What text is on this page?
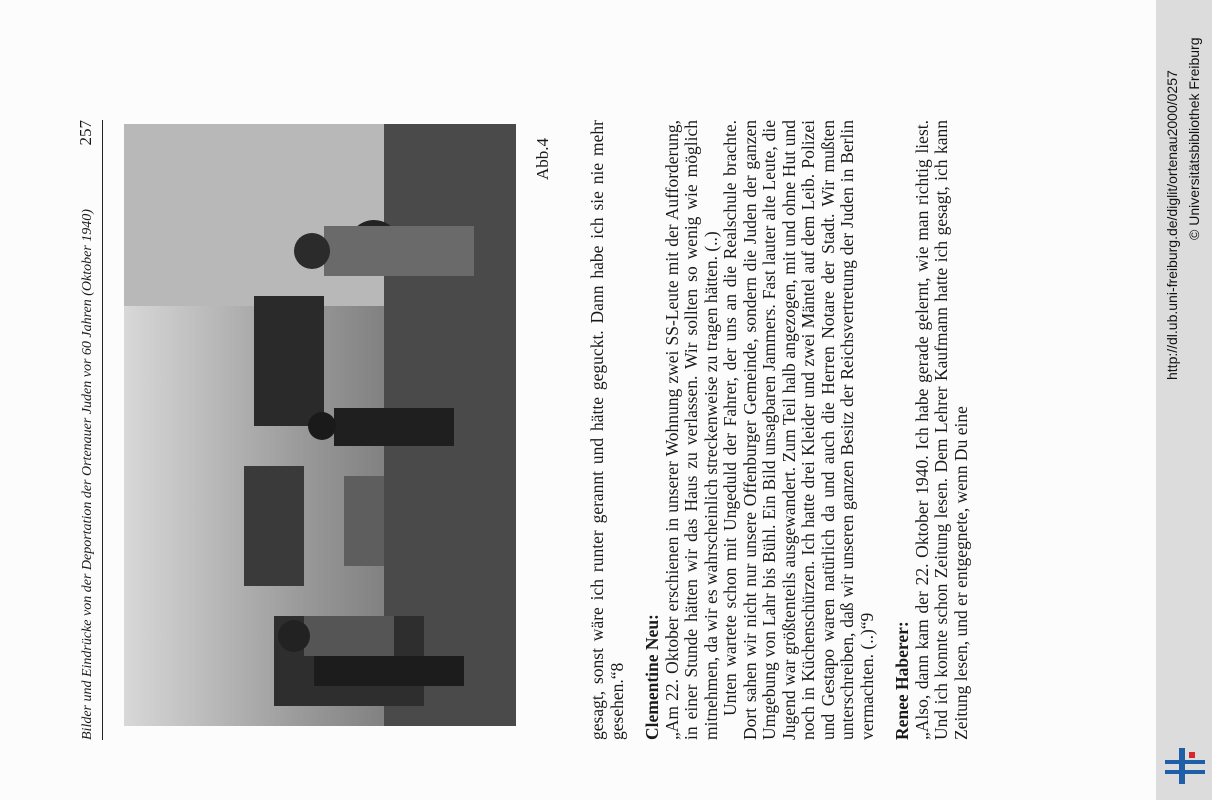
Bilder und Eindrücke von der Deportation der Ortenauer Juden vor 60 Jahren (Oktober 1940)
257
Abb.4 gesagt, sonst wäre ich runter gerannt und hätte geguckt. Dann habe ich sie nie mehr gesehen.“8 Clementine Neu: „Am 22. Oktober erschienen in unserer Wohnung zwei SS-Leute mit der Aufforderung, in einer Stunde hätten wir das Haus zu verlassen. Wir sollten so wenig wie möglich mitnehmen, da wir es wahrscheinlich streckenweise zu tragen hätten. (..) Unten wartete schon mit Ungeduld der Fahrer, der uns an die Realschule brachte. Dort sahen wir nicht nur unsere Offenburger Gemeinde, sondern die Juden der ganzen Umgebung von Lahr bis Bühl. Ein Bild unsagbaren Jammers. Fast lauter alte Leute, die Jugend war größtenteils ausgewandert. Zum Teil halb angezogen, mit und ohne Hut und noch in Küchenschürzen. Ich hatte drei Kleider und zwei Mäntel auf dem Leib. Polizei und Gestapo waren natürlich da und auch die Herren Notare der Stadt. Wir mußten unterschreiben, daß wir unseren ganzen Besitz der Reichsvertretung der Juden in Berlin vermachten. (..)“9 Renee Haberer: „Also, dann kam der 22. Oktober 1940. Ich habe gerade gelernt, wie man richtig liest. Und ich konnte schon Zeitung lesen. Dem Lehrer Kaufmann hatte ich gesagt, ich kann Zeitung lesen, und er entgegnete, wenn Du eine

http://dl.ub.uni-freiburg.de/diglit/ortenau2000/0257 © Universitätsbibliothek Freiburg
